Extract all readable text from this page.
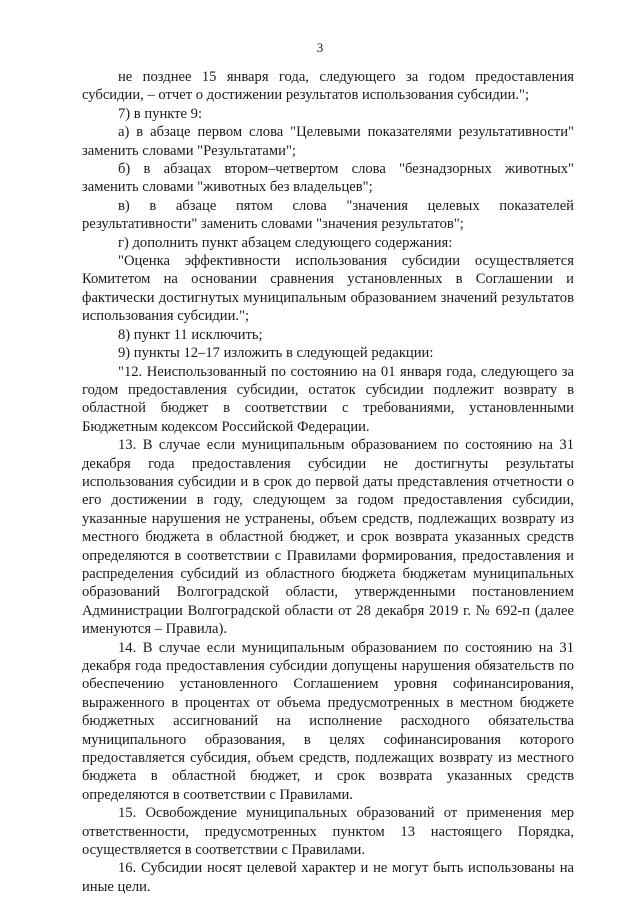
3

не позднее 15 января года, следующего за годом предоставления субсидии, – отчет о достижении результатов использования субсидии.";

7) в пункте 9:

а) в абзаце первом слова "Целевыми показателями результативности" заменить словами "Результатами";

б) в абзацах втором–четвертом слова "безнадзорных животных" заменить словами "животных без владельцев";

в) в абзаце пятом слова "значения целевых показателей результативности" заменить словами "значения результатов";

г) дополнить пункт абзацем следующего содержания:

"Оценка эффективности использования субсидии осуществляется Комитетом на основании сравнения установленных в Соглашении и фактически достигнутых муниципальным образованием значений результатов использования субсидии.";

8) пункт 11 исключить;

9) пункты 12–17 изложить в следующей редакции:

"12. Неиспользованный по состоянию на 01 января года, следующего за годом предоставления субсидии, остаток субсидии подлежит возврату в областной бюджет в соответствии с требованиями, установленными Бюджетным кодексом Российской Федерации.

13. В случае если муниципальным образованием по состоянию на 31 декабря года предоставления субсидии не достигнуты результаты использования субсидии и в срок до первой даты представления отчетности о его достижении в году, следующем за годом предоставления субсидии, указанные нарушения не устранены, объем средств, подлежащих возврату из местного бюджета в областной бюджет, и срок возврата указанных средств определяются в соответствии с Правилами формирования, предоставления и распределения субсидий из областного бюджета бюджетам муниципальных образований Волгоградской области, утвержденными постановлением Администрации Волгоградской области от 28 декабря 2019 г. № 692-п (далее именуются – Правила).

14. В случае если муниципальным образованием по состоянию на 31 декабря года предоставления субсидии допущены нарушения обязательств по обеспечению установленного Соглашением уровня софинансирования, выраженного в процентах от объема предусмотренных в местном бюджете бюджетных ассигнований на исполнение расходного обязательства муниципального образования, в целях софинансирования которого предоставляется субсидия, объем средств, подлежащих возврату из местного бюджета в областной бюджет, и срок возврата указанных средств определяются в соответствии с Правилами.

15. Освобождение муниципальных образований от применения мер ответственности, предусмотренных пунктом 13 настоящего Порядка, осуществляется в соответствии с Правилами.

16. Субсидии носят целевой характер и не могут быть использованы на иные цели.
